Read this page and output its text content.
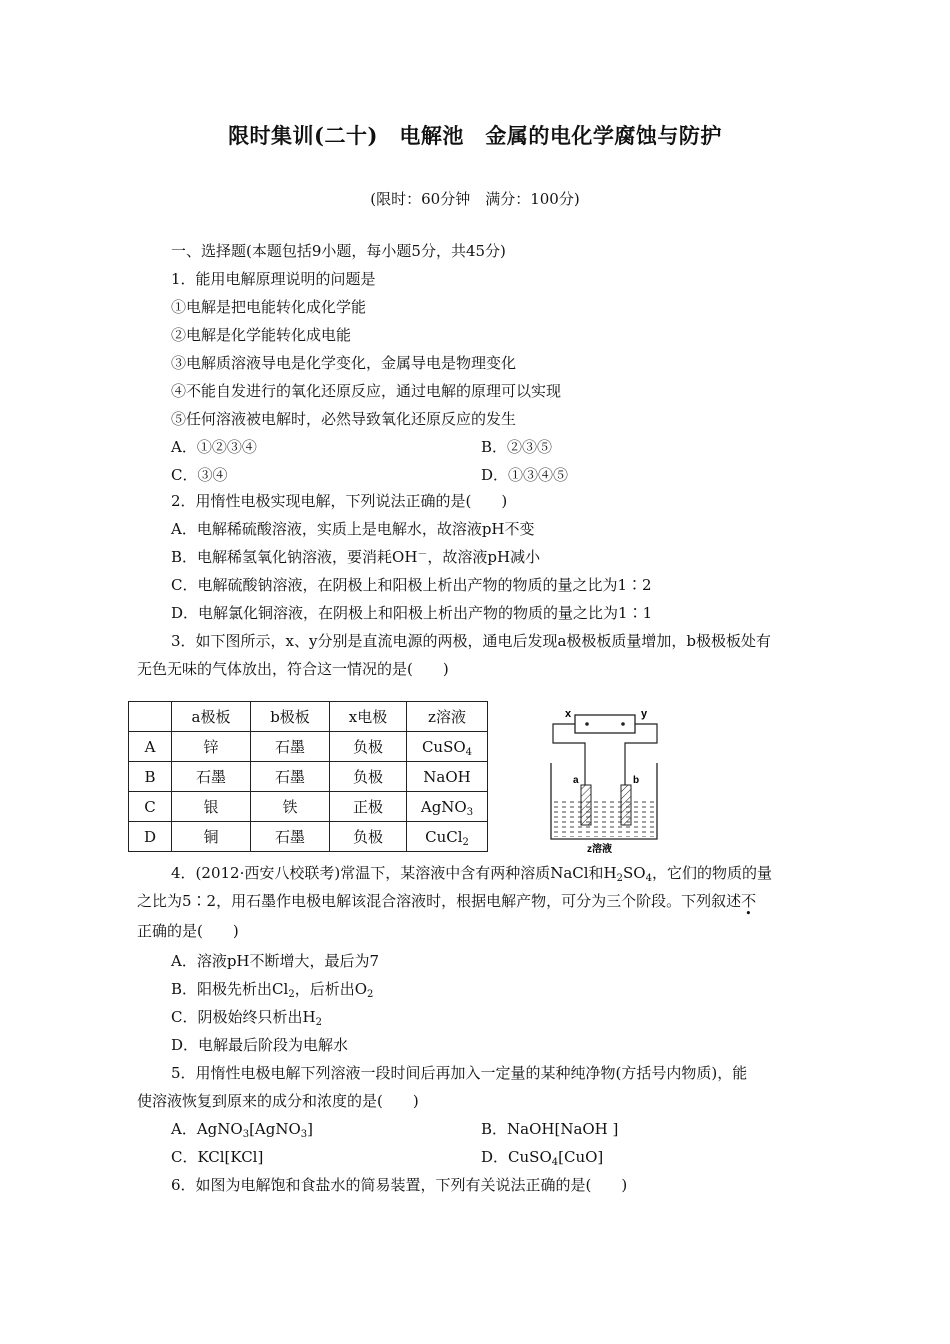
限时集训(二十)　电解池　金属的电化学腐蚀与防护
(限时：60分钟　满分：100分)
一、选择题(本题包括9小题，每小题5分，共45分)
1．能用电解原理说明的问题是
①电解是把电能转化成化学能
②电解是化学能转化成电能
③电解质溶液导电是化学变化，金属导电是物理变化
④不能自发进行的氧化还原反应，通过电解的原理可以实现
⑤任何溶液被电解时，必然导致氧化还原反应的发生
A．①②③④	B．②③⑤
C．③④	D．①③④⑤
2．用惰性电极实现电解，下列说法正确的是(　　)
A．电解稀硫酸溶液，实质上是电解水，故溶液pH不变
B．电解稀氢氧化钠溶液，要消耗OH－，故溶液pH减小
C．电解硫酸钠溶液，在阴极上和阳极上析出产物的物质的量之比为1∶2
D．电解氯化铜溶液，在阴极上和阳极上析出产物的物质的量之比为1∶1
3．如下图所示，x、y分别是直流电源的两极，通电后发现a极极板质量增加，b极极板处有
无色无味的气体放出，符合这一情况的是(　　)
	a极板	b极板	x电极	z溶液
A	锌	石墨	负极	CuSO$_4$
B	石墨	石墨	负极	NaOH
C	银	铁	正极	AgNO$_3$
D	铜	石墨	负极	CuCl$_2$
x	y
a	b
z溶液
4．(2012·西安八校联考)常温下，某溶液中含有两种溶质NaCl和$H_2SO_4$，它们的物质的量
之比为5∶2，用石墨作电极电解该混合溶液时，根据电解产物，可分为三个阶段。下列叙述不
正确的是(　　)
A．溶液pH不断增大，最后为7
B．阳极先析出$Cl_2$，后析出$O_2$
C．阴极始终只析出$H_2$
D．电解最后阶段为电解水
5．用惰性电极电解下列溶液一段时间后再加入一定量的某种纯净物(方括号内物质)，能
使溶液恢复到原来的成分和浓度的是(　　)
A．AgNO$_3$[AgNO$_3$]	B．NaOH[NaOH ]
C．KCl[KCl]	D．CuSO$_4$[CuO]
6．如图为电解饱和食盐水的简易装置，下列有关说法正确的是(　　)
